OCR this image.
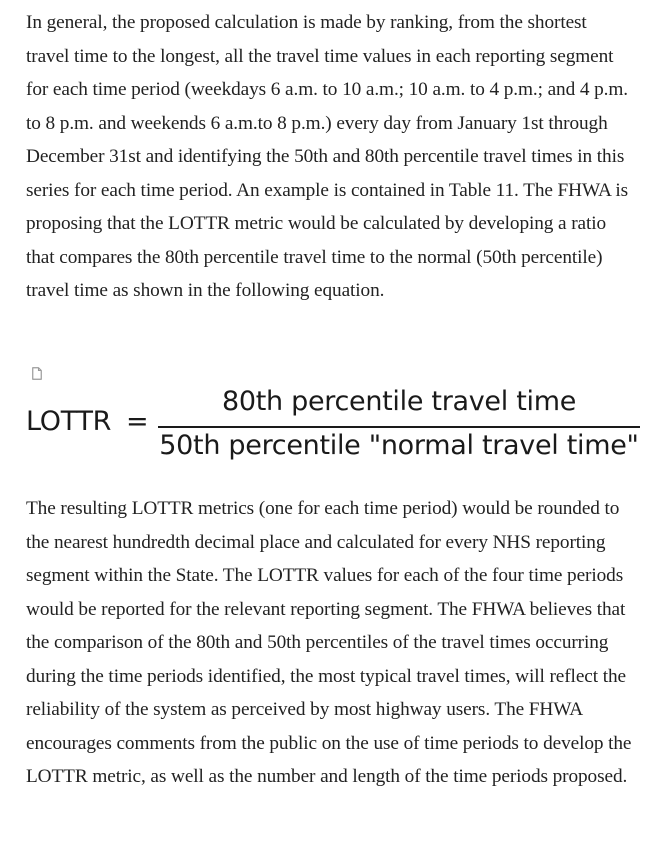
In general, the proposed calculation is made by ranking, from the shortest travel time to the longest, all the travel time values in each reporting segment for each time period (weekdays 6 a.m. to 10 a.m.; 10 a.m. to 4 p.m.; and 4 p.m. to 8 p.m. and weekends 6 a.m.to 8 p.m.) every day from January 1st through December 31st and identifying the 50th and 80th percentile travel times in this series for each time period. An example is contained in Table 11. The FHWA is proposing that the LOTTR metric would be calculated by developing a ratio that compares the 80th percentile travel time to the normal (50th percentile) travel time as shown in the following equation.

LOTTR =
80th percentile travel time
50th percentile "normal travel time"

The resulting LOTTR metrics (one for each time period) would be rounded to the nearest hundredth decimal place and calculated for every NHS reporting segment within the State. The LOTTR values for each of the four time periods would be reported for the relevant reporting segment. The FHWA believes that the comparison of the 80th and 50th percentiles of the travel times occurring during the time periods identified, the most typical travel times, will reflect the reliability of the system as perceived by most highway users. The FHWA encourages comments from the public on the use of time periods to develop the LOTTR metric, as well as the number and length of the time periods proposed.
